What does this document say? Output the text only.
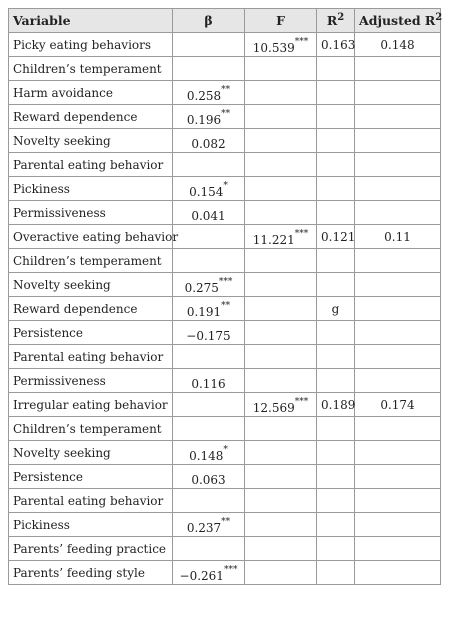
Variable	β	F	$R^2$	Adjusted $R^2$
Picky eating behaviors		10.539***	0.163	0.148
Children’s temperament				
Harm avoidance	0.258**			
Reward dependence	0.196**			
Novelty seeking	0.082			
Parental eating behavior				
Pickiness	0.154*			
Permissiveness	0.041			
Overactive eating behavior		11.221***	0.121	0.11
Children’s temperament				
Novelty seeking	0.275***			
Reward dependence	0.191**		g	
Persistence	−0.175			
Parental eating behavior				
Permissiveness	0.116			
Irregular eating behavior		12.569***	0.189	0.174
Children’s temperament				
Novelty seeking	0.148*			
Persistence	0.063			
Parental eating behavior				
Pickiness	0.237**			
Parents’ feeding practice				
Parents’ feeding style	−0.261***			
